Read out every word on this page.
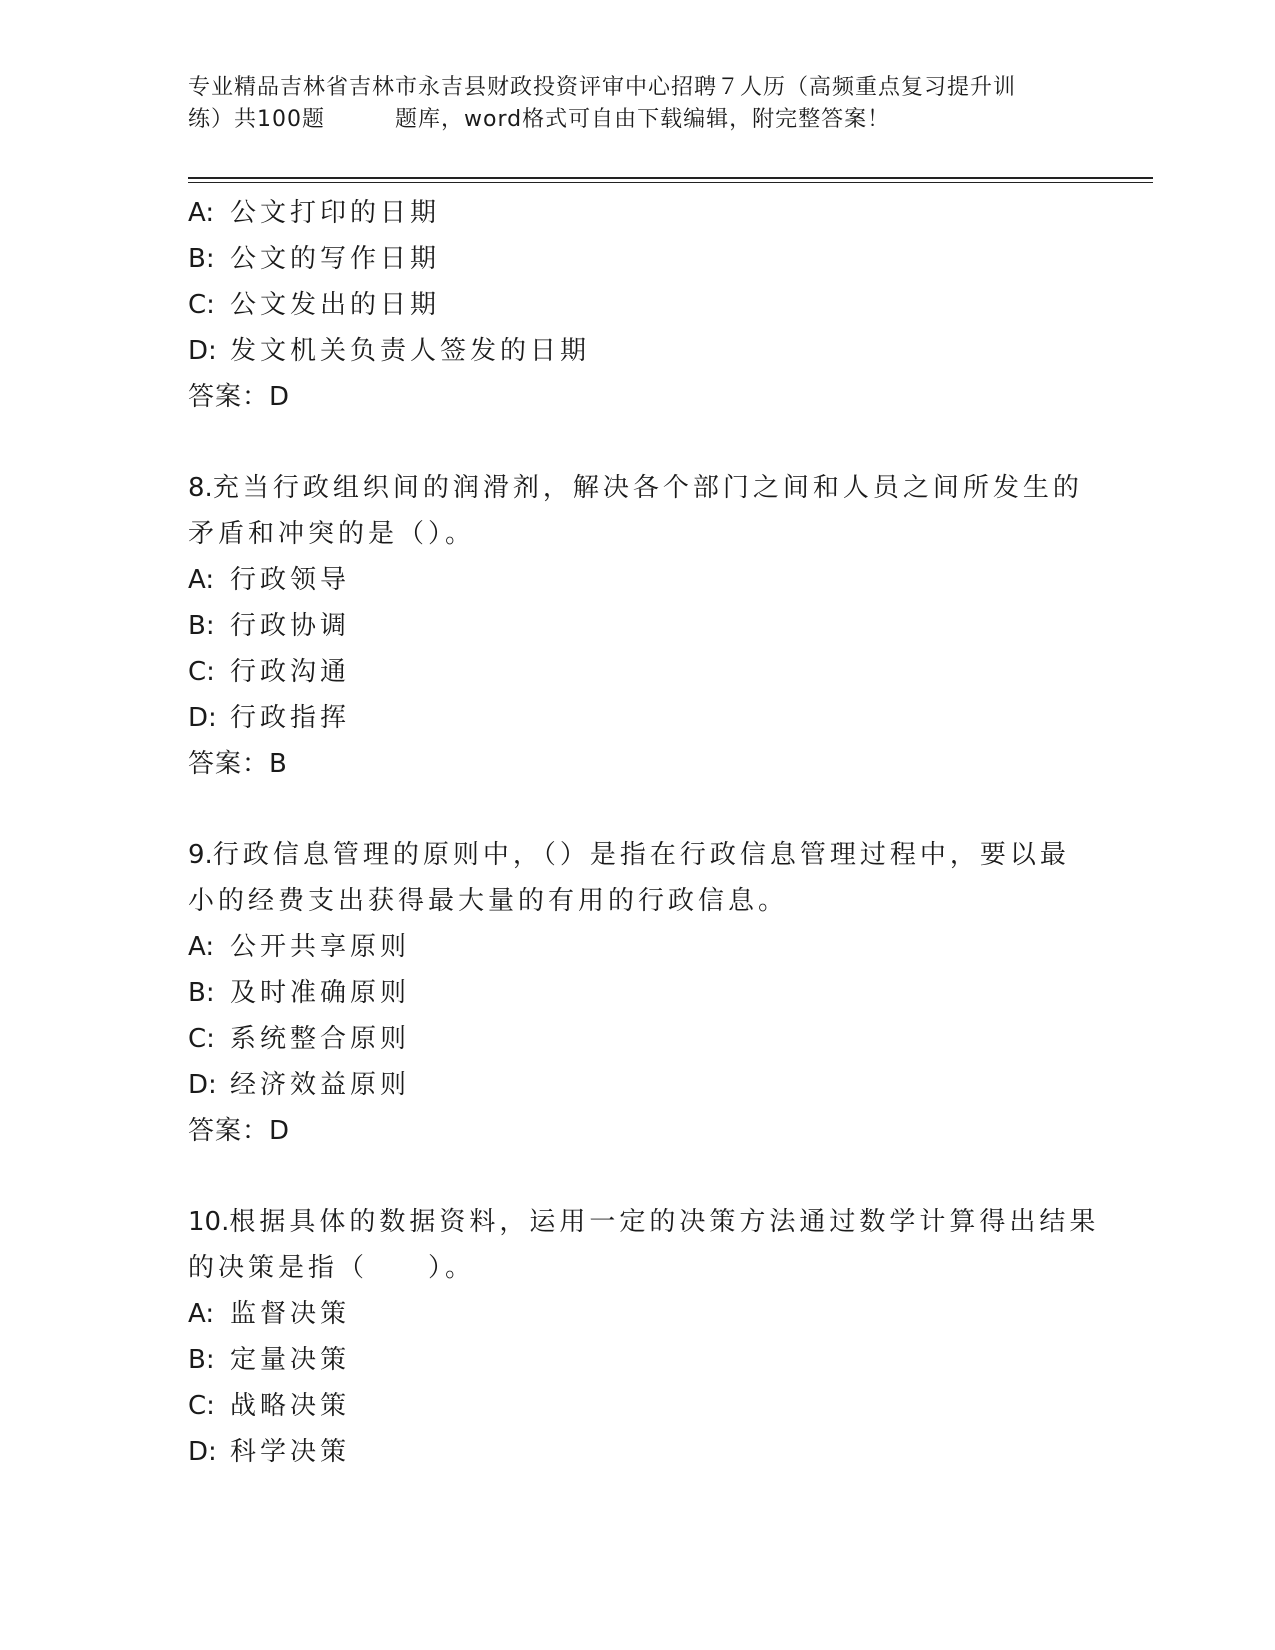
专业精品吉林省吉林市永吉县财政投资评审中心招聘７人历（高频重点复习提升训
练）共100题	题库，word格式可自由下载编辑，附完整答案！
A: 公文打印的日期
B: 公文的写作日期
C: 公文发出的日期
D: 发文机关负责人签发的日期
答案：D
8.充当行政组织间的润滑剂，解决各个部门之间和人员之间所发生的
矛盾和冲突的是（）。
A: 行政领导
B: 行政协调
C: 行政沟通
D: 行政指挥
答案：B
9.行政信息管理的原则中，（）是指在行政信息管理过程中，要以最
小的经费支出获得最大量的有用的行政信息。
A: 公开共享原则
B: 及时准确原则
C: 系统整合原则
D: 经济效益原则
答案：D
10.根据具体的数据资料，运用一定的决策方法通过数学计算得出结果
的决策是指（　　）。
A: 监督决策
B: 定量决策
C: 战略决策
D: 科学决策
